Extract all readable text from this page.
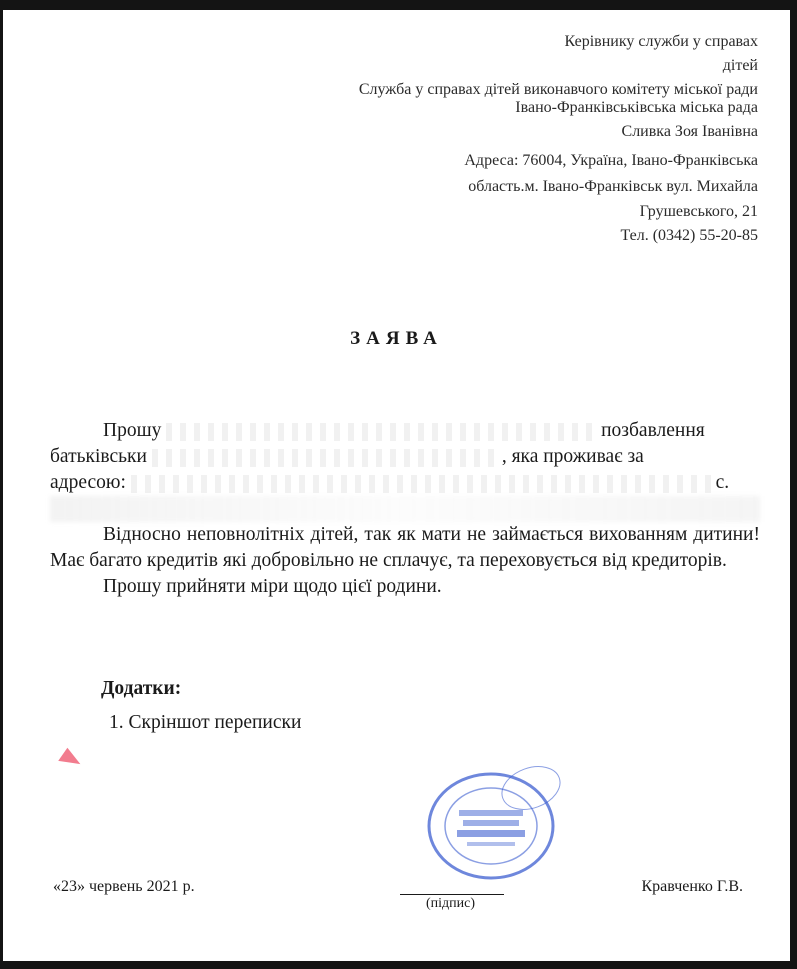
Керівнику служби у справах
дітей
Служба у справах дітей виконавчого комітету міської ради
Івано-Франківськівська міська рада
Сливка Зоя Іванівна
Адреса: 76004, Україна, Івано-Франківська
область.м. Івано-Франківськ вул. Михайла
Грушевського, 21
Тел. (0342) 55-20-85
ЗАЯВА

Прошу	позбавлення
батьківськи	, яка проживає за
адресою:	с.

Відносно неповнолітніх дітей, так як мати не займається вихованням дитини! Має багато кредитів які добровільно не сплачує, та переховується від кредиторів.

Прошу прийняти міри щодо цієї родини.

Додатки:
1. Скріншот переписки
«23» червень 2021 р.
(підпис)
Кравченко Г.В.
